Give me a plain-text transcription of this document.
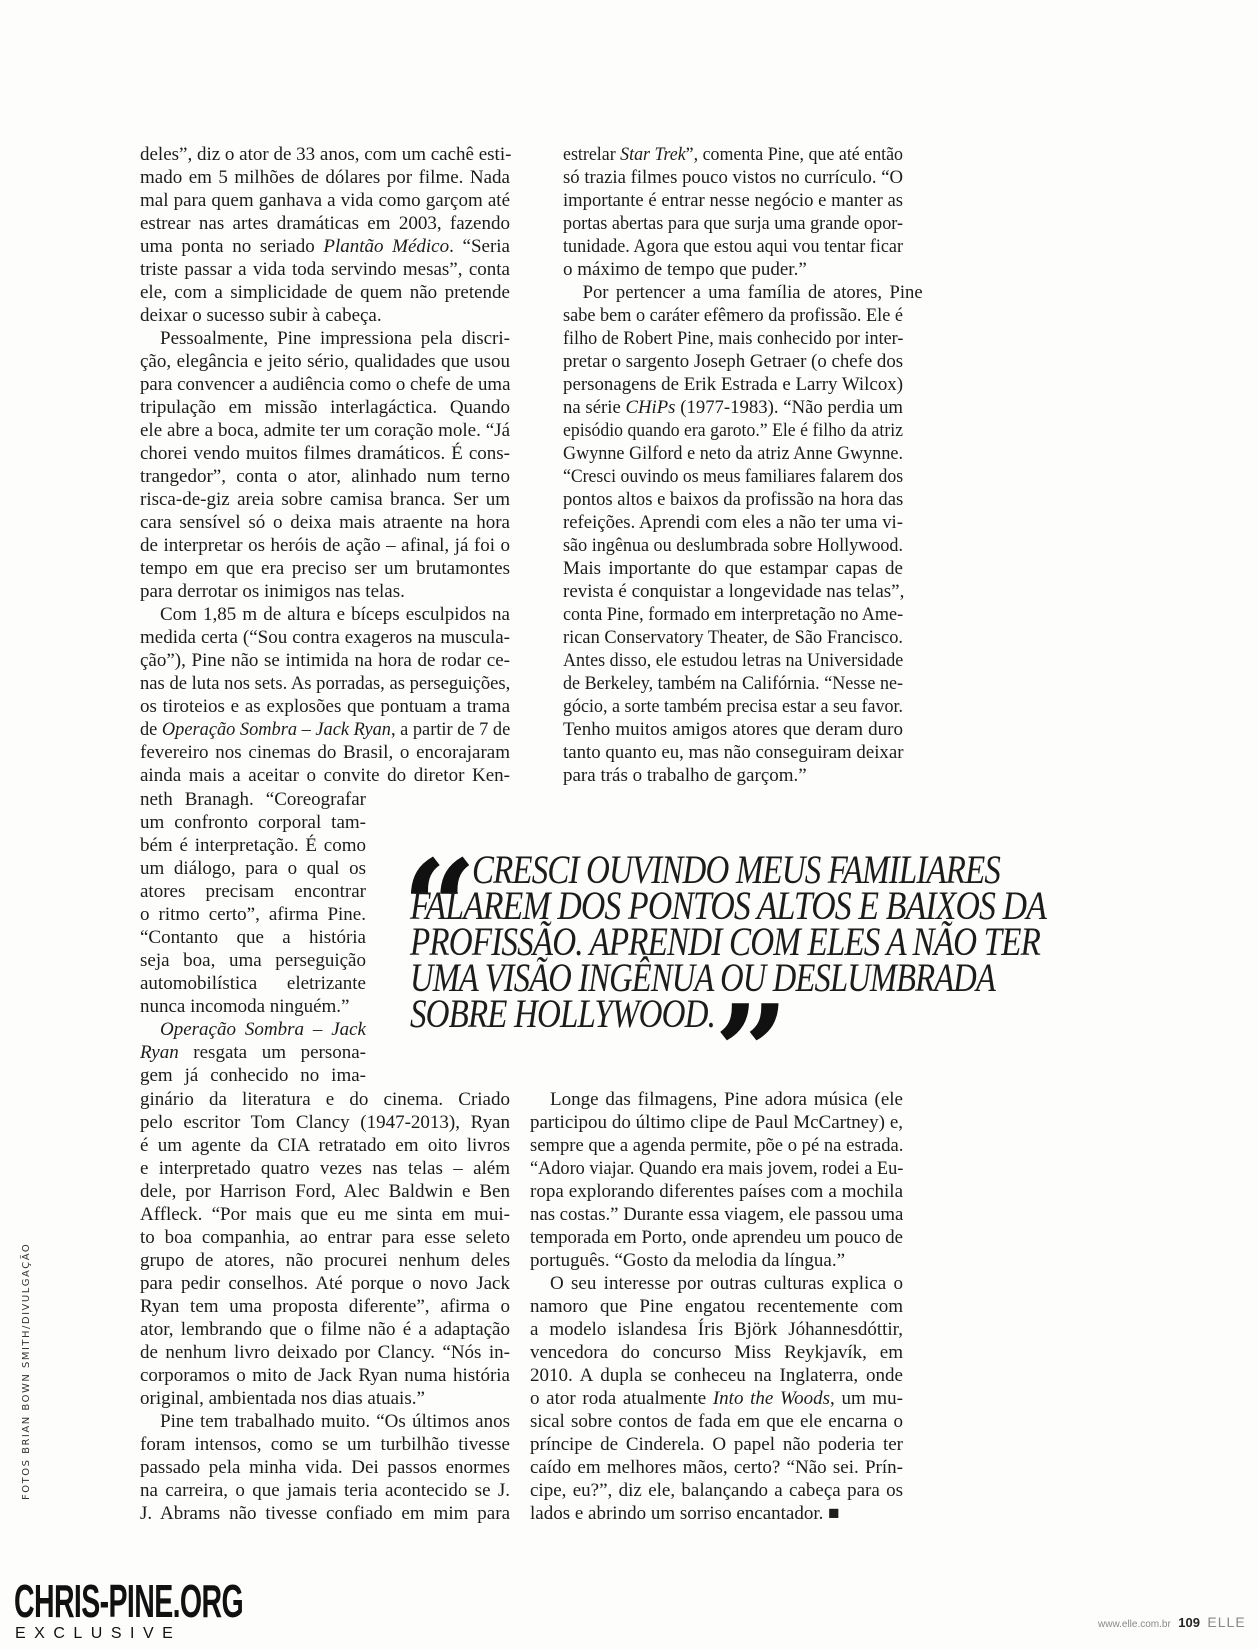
deles”, diz o ator de 33 anos, com um cachê esti-
mado em 5 milhões de dólares por filme. Nada
mal para quem ganhava a vida como garçom até
estrear nas artes dramáticas em 2003, fazendo
uma ponta no seriado Plantão Médico. “Seria
triste passar a vida toda servindo mesas”, conta
ele, com a simplicidade de quem não pretende
deixar o sucesso subir à cabeça.
Pessoalmente, Pine impressiona pela discri-
ção, elegância e jeito sério, qualidades que usou
para convencer a audiência como o chefe de uma
tripulação em missão interlagáctica. Quando
ele abre a boca, admite ter um coração mole. “Já
chorei vendo muitos filmes dramáticos. É cons-
trangedor”, conta o ator, alinhado num terno
risca-de-giz areia sobre camisa branca. Ser um
cara sensível só o deixa mais atraente na hora
de interpretar os heróis de ação – afinal, já foi o
tempo em que era preciso ser um brutamontes
para derrotar os inimigos nas telas.
Com 1,85 m de altura e bíceps esculpidos na
medida certa (“Sou contra exageros na muscula-
ção”), Pine não se intimida na hora de rodar ce-
nas de luta nos sets. As porradas, as perseguições,
os tiroteios e as explosões que pontuam a trama
de Operação Sombra – Jack Ryan, a partir de 7 de
fevereiro nos cinemas do Brasil, o encorajaram
ainda mais a aceitar o convite do diretor Ken-
neth Branagh. “Coreografar
um confronto corporal tam-
bém é interpretação. É como
um diálogo, para o qual os
atores precisam encontrar
o ritmo certo”, afirma Pine.
“Contanto que a história
seja boa, uma perseguição
automobilística eletrizante
nunca incomoda ninguém.”
Operação Sombra – Jack
Ryan resgata um persona-
gem já conhecido no ima-
ginário da literatura e do cinema. Criado
pelo escritor Tom Clancy (1947-2013), Ryan
é um agente da CIA retratado em oito livros
e interpretado quatro vezes nas telas – além
dele, por Harrison Ford, Alec Baldwin e Ben
Affleck. “Por mais que eu me sinta em mui-
to boa companhia, ao entrar para esse seleto
grupo de atores, não procurei nenhum deles
para pedir conselhos. Até porque o novo Jack
Ryan tem uma proposta diferente”, afirma o
ator, lembrando que o filme não é a adaptação
de nenhum livro deixado por Clancy. “Nós in-
corporamos o mito de Jack Ryan numa história
original, ambientada nos dias atuais.”
Pine tem trabalhado muito. “Os últimos anos
foram intensos, como se um turbilhão tivesse
passado pela minha vida. Dei passos enormes
na carreira, o que jamais teria acontecido se J.
J. Abrams não tivesse confiado em mim para
estrelar Star Trek”, comenta Pine, que até então
só trazia filmes pouco vistos no currículo. “O
importante é entrar nesse negócio e manter as
portas abertas para que surja uma grande opor-
tunidade. Agora que estou aqui vou tentar ficar
o máximo de tempo que puder.”
Por pertencer a uma família de atores, Pine
sabe bem o caráter efêmero da profissão. Ele é
filho de Robert Pine, mais conhecido por inter-
pretar o sargento Joseph Getraer (o chefe dos
personagens de Erik Estrada e Larry Wilcox)
na série CHiPs (1977-1983). “Não perdia um
episódio quando era garoto.” Ele é filho da atriz
Gwynne Gilford e neto da atriz Anne Gwynne.
“Cresci ouvindo os meus familiares falarem dos
pontos altos e baixos da profissão na hora das
refeições. Aprendi com eles a não ter uma vi-
são ingênua ou deslumbrada sobre Hollywood.
Mais importante do que estampar capas de
revista é conquistar a longevidade nas telas”,
conta Pine, formado em interpretação no Ame-
rican Conservatory Theater, de São Francisco.
Antes disso, ele estudou letras na Universidade
de Berkeley, também na Califórnia. “Nesse ne-
gócio, a sorte também precisa estar a seu favor.
Tenho muitos amigos atores que deram duro
tanto quanto eu, mas não conseguiram deixar
para trás o trabalho de garçom.”
Longe das filmagens, Pine adora música (ele
participou do último clipe de Paul McCartney) e,
sempre que a agenda permite, põe o pé na estrada.
“Adoro viajar. Quando era mais jovem, rodei a Eu-
ropa explorando diferentes países com a mochila
nas costas.” Durante essa viagem, ele passou uma
temporada em Porto, onde aprendeu um pouco de
português. “Gosto da melodia da língua.”
O seu interesse por outras culturas explica o
namoro que Pine engatou recentemente com
a modelo islandesa Íris Björk Jóhannesdóttir,
vencedora do concurso Miss Reykjavík, em
2010. A dupla se conheceu na Inglaterra, onde
o ator roda atualmente Into the Woods, um mu-
sical sobre contos de fada em que ele encarna o
príncipe de Cinderela. O papel não poderia ter
caído em melhores mãos, certo? “Não sei. Prín-
cipe, eu?”, diz ele, balançando a cabeça para os
lados e abrindo um sorriso encantador. ■
“
CRESCI OUVINDO MEUS FAMILIARES
FALAREM DOS PONTOS ALTOS E BAIXOS DA
PROFISSÃO. APRENDI COM ELES A NÃO TER
UMA VISÃO INGÊNUA OU DESLUMBRADA
SOBRE HOLLYWOOD. ”
FOTOS BRIAN BOWN SMITH/DIVULGAÇÃO
CHRIS-PINE.ORG
EXCLUSIVE
www.elle.com.br 109 ELLE
